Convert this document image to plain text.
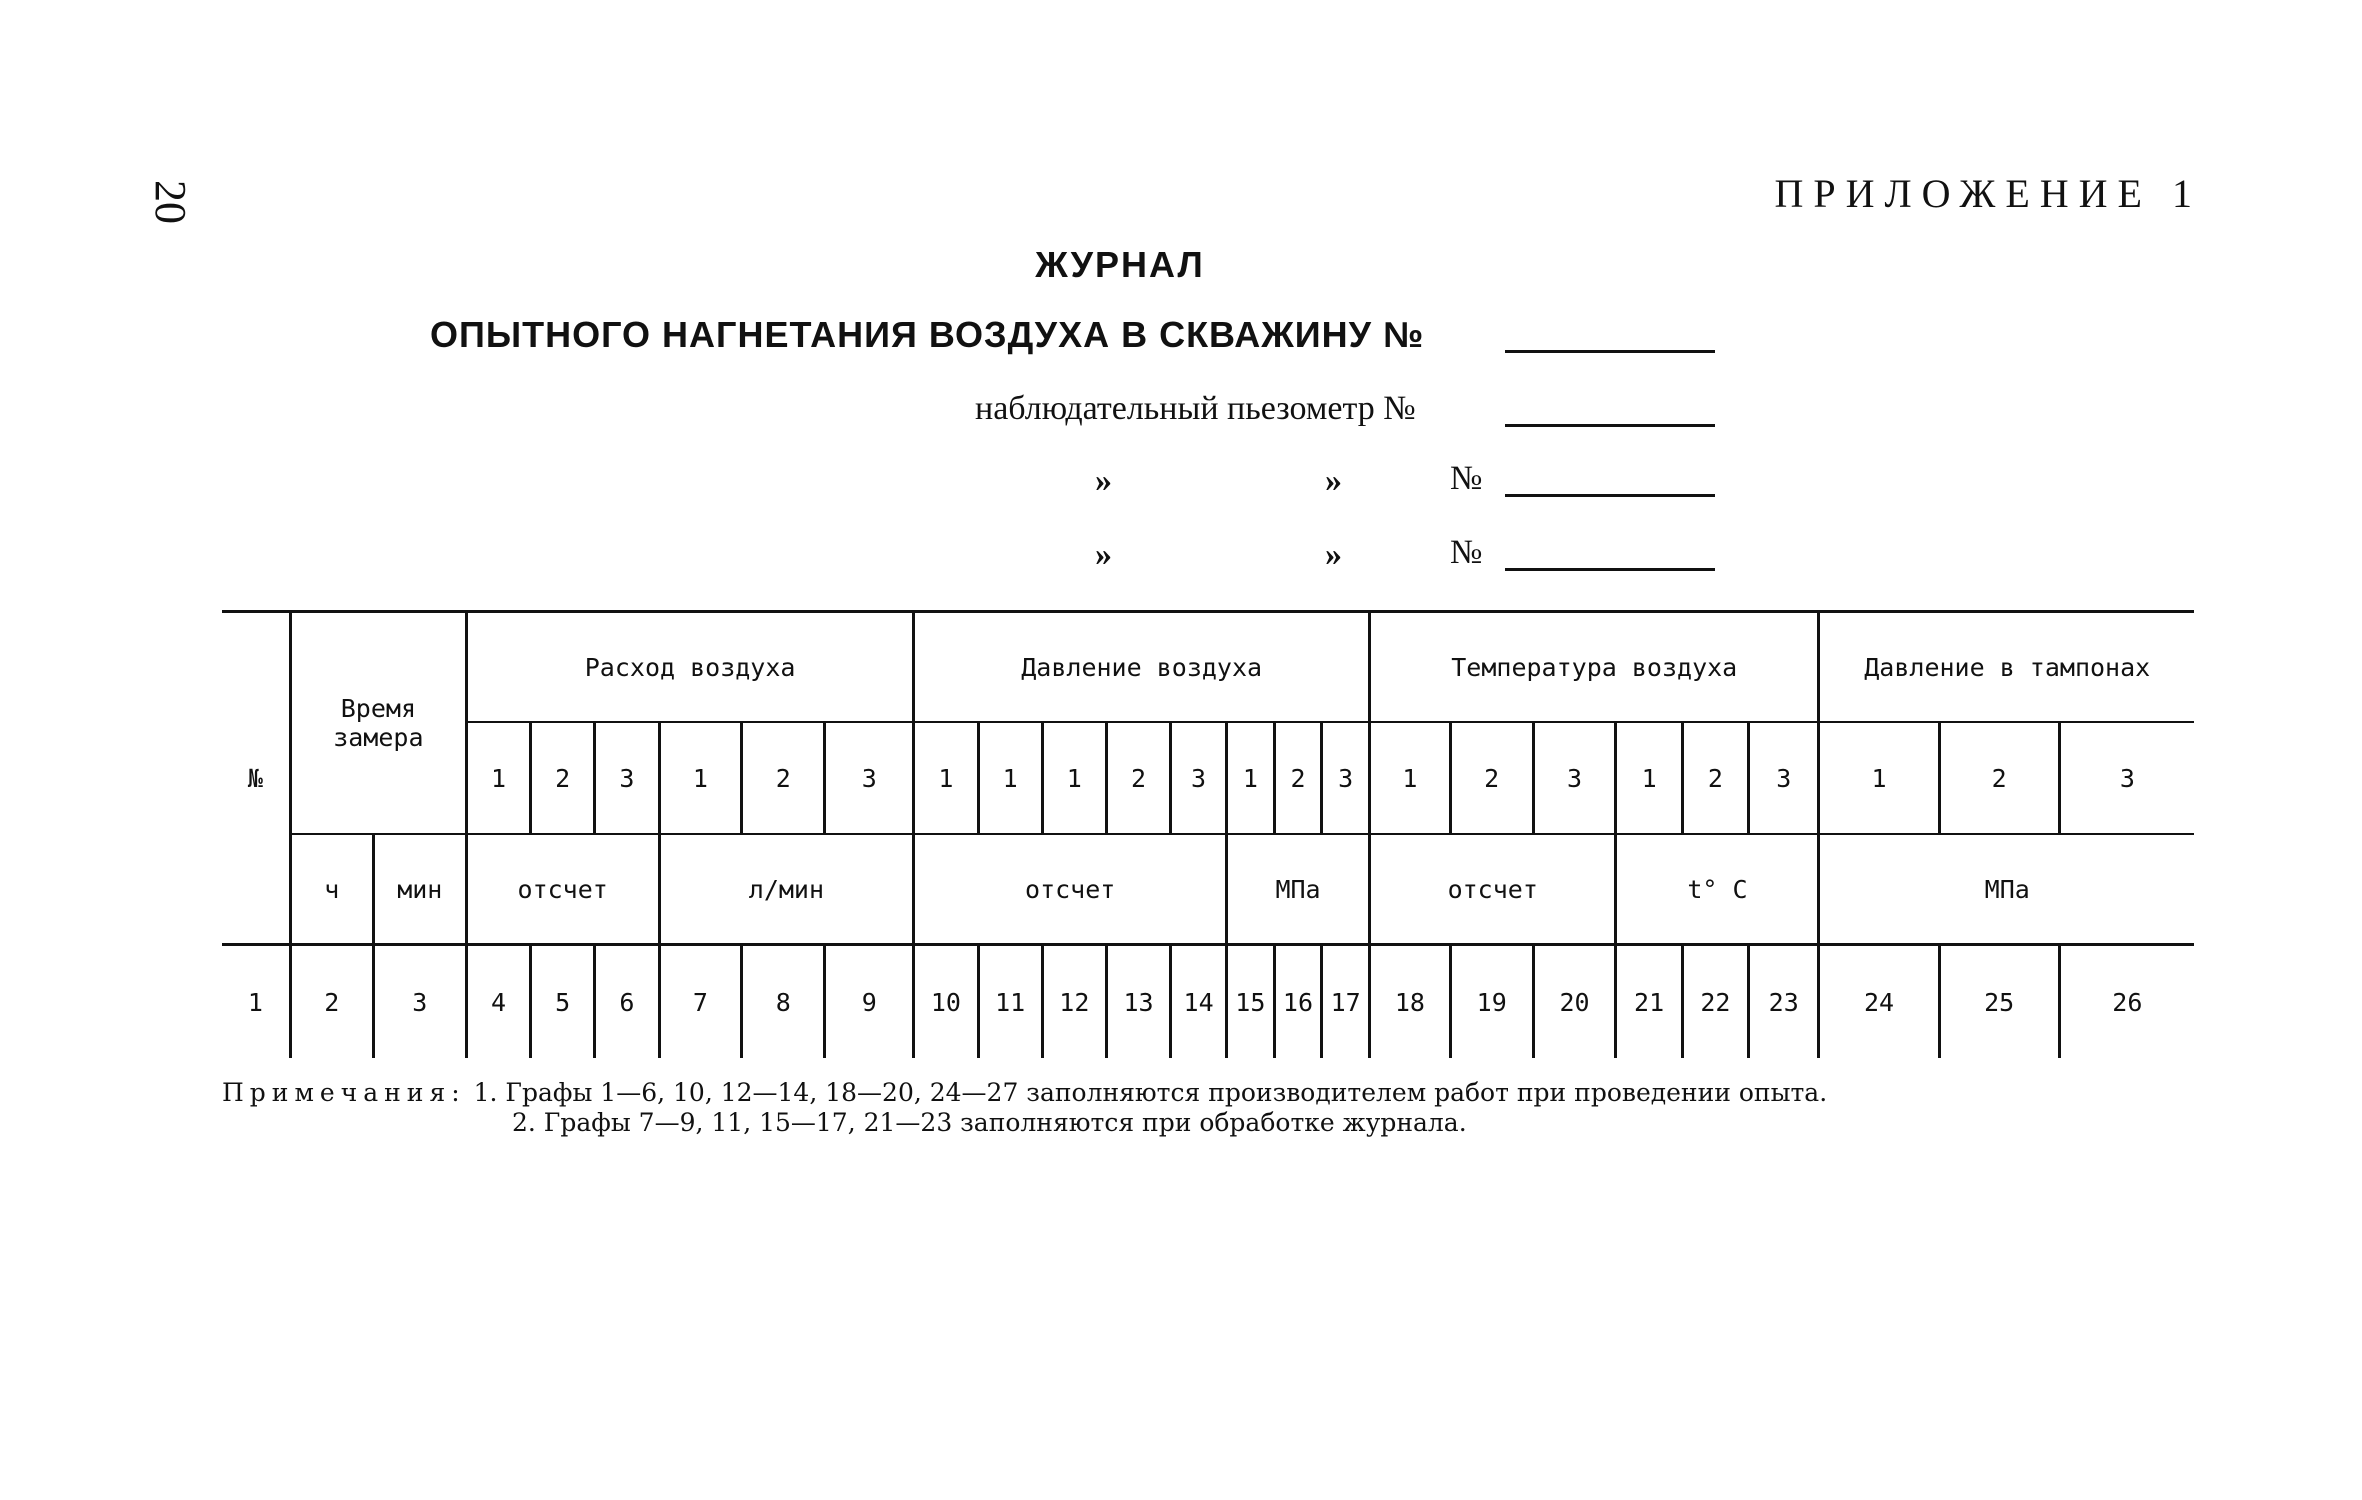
20	ПРИЛОЖЕНИЕ 1
ЖУРНАЛ
ОПЫТНОГО НАГНЕТАНИЯ ВОЗДУХА В СКВАЖИНУ №
наблюдательный пьезометр №
»	»	№
»	»	№
№	Время замера		Расход воздуха						Давление воздуха								Температура воздуха						Давление в тампонах		
			1	2	3	1	2	3	1	1	1	2	3	1	2	3	1	2	3	1	2	3	1	2	3
	ч	мин	отсчет			л/мин			отсчет					МПа			отсчет			t° C			МПа		
1	2	3	4	5	6	7	8	9	10	11	12	13	14	15	16	17	18	19	20	21	22	23	24	25	26
Примечания: 1. Графы 1—6, 10, 12—14, 18—20, 24—27 заполняются производителем работ при проведении опыта.
2. Графы 7—9, 11, 15—17, 21—23 заполняются при обработке журнала.
